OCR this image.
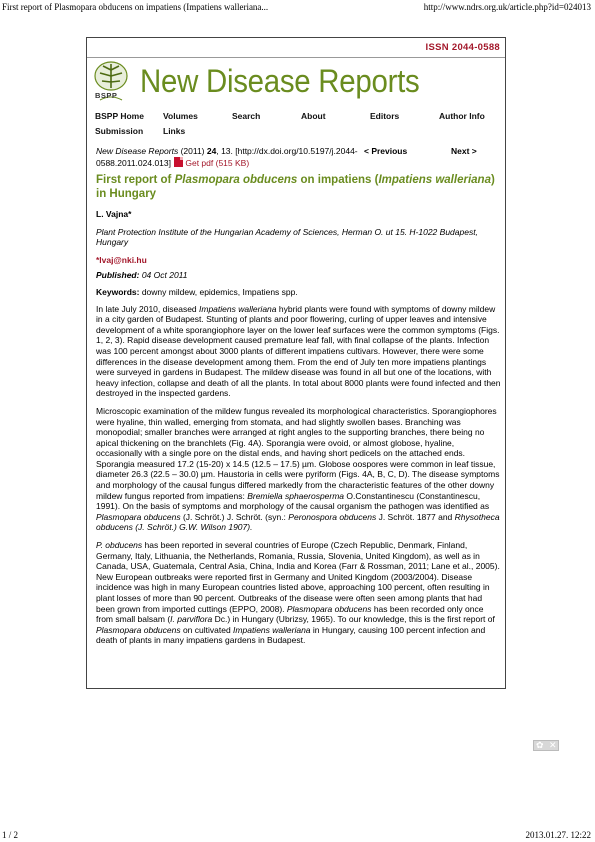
First report of Plasmopara obducens on impatiens (Impatiens walleriana...	http://www.ndrs.org.uk/article.php?id=024013
ISSN 2044-0588
BSPP New Disease Reports
BSPP Home Volumes	Search	About	Editors	Author Info
Submission Links
New Disease Reports (2011) 24, 13. [http://dx.doi.org/10.5197/j.2044-0588.2011.024.013] Get pdf (515 KB)
< Previous	Next >
First report of Plasmopara obducens on impatiens (Impatiens walleriana) in Hungary
L. Vajna*
Plant Protection Institute of the Hungarian Academy of Sciences, Herman O. ut 15. H-1022 Budapest, Hungary
*lvaj@nki.hu
Published: 04 Oct 2011
Keywords: downy mildew, epidemics, Impatiens spp.

In late July 2010, diseased Impatiens walleriana hybrid plants were found with symptoms of downy mildew in a city garden of Budapest. Stunting of plants and poor flowering, curling of upper leaves and intensive development of a white sporangiophore layer on the lower leaf surfaces were the common symptoms (Figs. 1, 2, 3). Rapid disease development caused premature leaf fall, with final collapse of the plants. Infection was 100 percent amongst about 3000 plants of different impatiens cultivars. However, there were some differences in the disease development among them. From the end of July ten more impatiens plantings were surveyed in gardens in Budapest. The mildew disease was found in all but one of the locations, with heavy infection, collapse and death of all the plants. In total about 8000 plants were found infected and then destroyed in the inspected gardens.

Microscopic examination of the mildew fungus revealed its morphological characteristics. Sporangiophores were hyaline, thin walled, emerging from stomata, and had slightly swollen bases. Branching was monopodial; smaller branches were arranged at right angles to the supporting branches, there being no apical thickening on the branchlets (Fig. 4A). Sporangia were ovoid, or almost globose, hyaline, occasionally with a single pore on the distal ends, and having short pedicels on the attached ends. Sporangia measured 17.2 (15-20) x 14.5 (12.5 – 17.5) µm. Globose oospores were common in leaf tissue, diameter 26.3 (22.5 – 30.0) µm. Haustoria in cells were pyriform (Figs. 4A, B, C, D). The disease symptoms and morphology of the causal fungus differed markedly from the characteristic features of the other downy mildew fungus reported from impatiens: Bremiella sphaerosperma O.Constantinescu (Constantinescu, 1991). On the basis of symptoms and morphology of the causal organism the pathogen was identified as Plasmopara obducens (J. Schröt.) J. Schröt. (syn.: Peronospora obducens J. Schröt. 1877 and Rhysotheca obducens (J. Schröt.) G.W. Wilson 1907).

P. obducens has been reported in several countries of Europe (Czech Republic, Denmark, Finland, Germany, Italy, Lithuania, the Netherlands, Romania, Russia, Slovenia, United Kingdom), as well as in Canada, USA, Guatemala, Central Asia, China, India and Korea (Farr & Rossman, 2011; Lane et al., 2005). New European outbreaks were reported first in Germany and United Kingdom (2003/2004). Disease incidence was high in many European countries listed above, approaching 100 percent, often resulting in plant losses of more than 90 percent. Outbreaks of the disease were often seen among plants that had been grown from imported cuttings (EPPO, 2008). Plasmopara obducens has been recorded only once from small balsam (I. parviflora Dc.) in Hungary (Ubrizsy, 1965). To our knowledge, this is the first report of Plasmopara obducens on cultivated Impatiens walleriana in Hungary, causing 100 percent infection and death of plants in many impatiens gardens in Budapest.

✿ ✕
1 / 2	2013.01.27. 12:22
